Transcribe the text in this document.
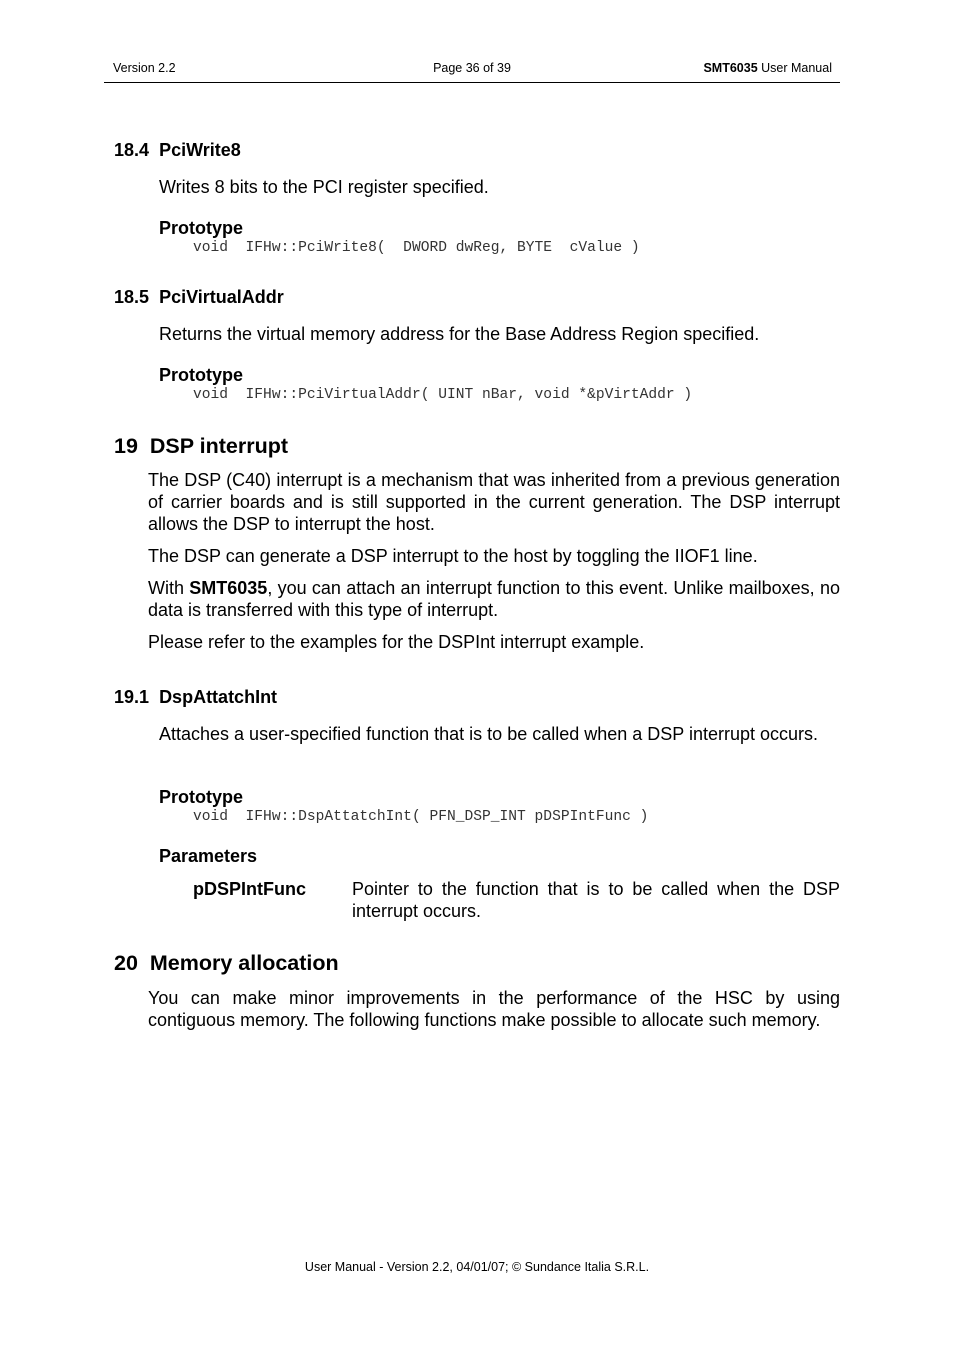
Version 2.2	Page 36 of 39	SMT6035 User Manual
18.4 PciWrite8
Writes 8 bits to the PCI register specified.
Prototype
void  IFHw::PciWrite8(  DWORD dwReg, BYTE  cValue )
18.5 PciVirtualAddr
Returns the virtual memory address for the Base Address Region specified.
Prototype
void  IFHw::PciVirtualAddr( UINT nBar, void *&pVirtAddr )
19 DSP interrupt
The DSP (C40) interrupt is a mechanism that was inherited from a previous generation of carrier boards and is still supported in the current generation. The DSP interrupt allows the DSP to interrupt the host.
The DSP can generate a DSP interrupt to the host by toggling the IIOF1 line.
With SMT6035, you can attach an interrupt function to this event. Unlike mailboxes, no data is transferred with this type of interrupt.
Please refer to the examples for the DSPInt interrupt example.
19.1 DspAttatchInt
Attaches a user-specified function that is to be called when a DSP interrupt occurs.
Prototype
void  IFHw::DspAttatchInt( PFN_DSP_INT pDSPIntFunc )
Parameters
pDSPIntFunc	Pointer to the function that is to be called when the DSP interrupt occurs.
20 Memory allocation
You can make minor improvements in the performance of the HSC by using contiguous memory. The following functions make possible to allocate such memory.
User Manual - Version 2.2, 04/01/07; © Sundance Italia S.R.L.
